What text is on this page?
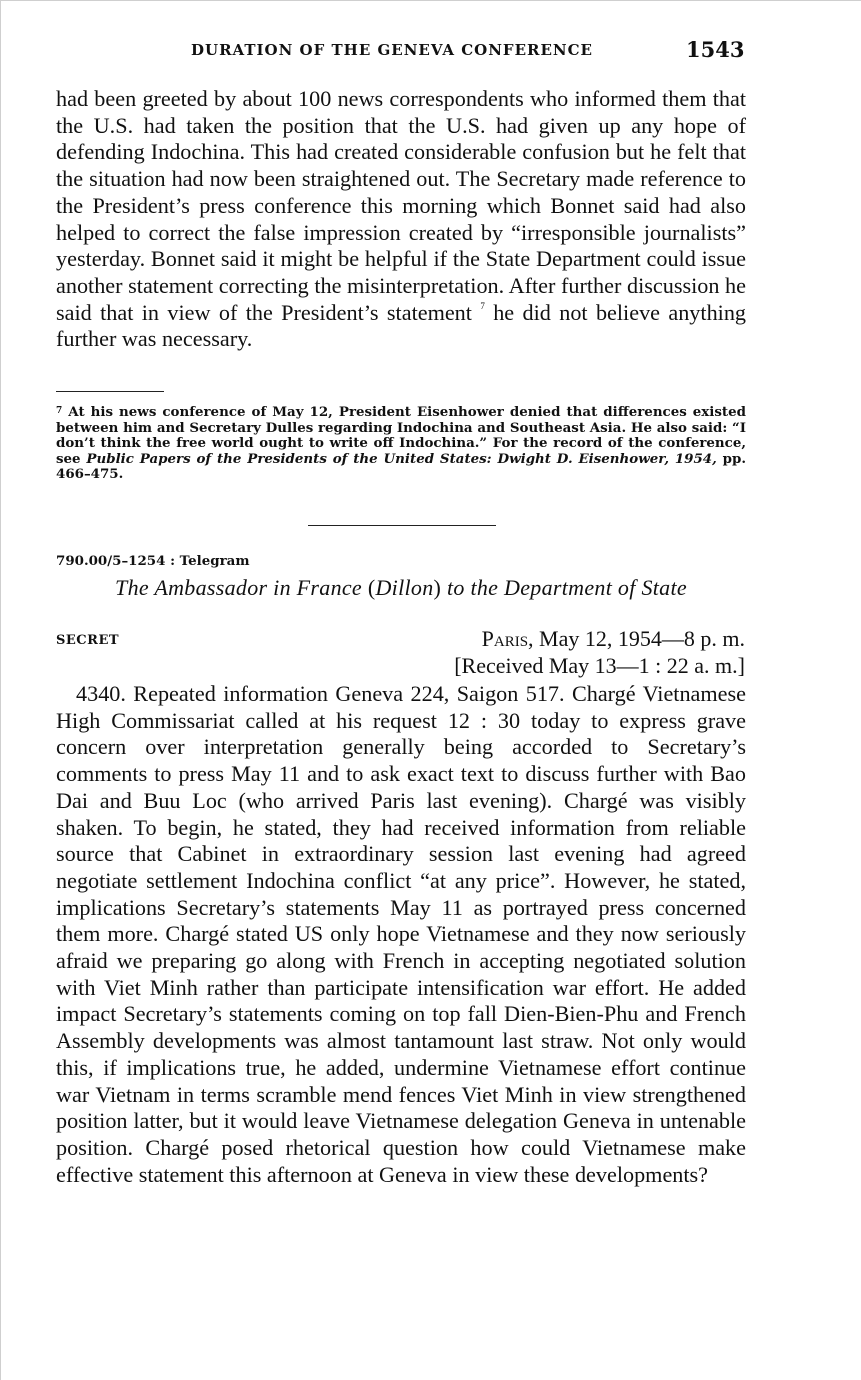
DURATION OF THE GENEVA CONFERENCE	1543
had been greeted by about 100 news correspondents who informed them that the U.S. had taken the position that the U.S. had given up any hope of defending Indochina. This had created considerable confusion but he felt that the situation had now been straightened out. The Secretary made reference to the President’s press conference this morning which Bonnet said had also helped to correct the false impression created by “irresponsible journalists” yesterday. Bonnet said it might be helpful if the State Department could issue another statement correcting the misinterpretation. After further discussion he said that in view of the President’s statement $^7$ he did not believe anything further was necessary.
$^7$ At his news conference of May 12, President Eisenhower denied that differences existed between him and Secretary Dulles regarding Indochina and Southeast Asia. He also said: “I don’t think the free world ought to write off Indochina.” For the record of the conference, see Public Papers of the Presidents of the United States: Dwight D. Eisenhower, 1954, pp. 466–475.
790.00/5–1254 : Telegram
The Ambassador in France (Dillon) to the Department of State
SECRET	Paris, May 12, 1954—8 p. m.
[Received May 13—1 : 22 a. m.]
4340. Repeated information Geneva 224, Saigon 517. Chargé Vietnamese High Commissariat called at his request 12 : 30 today to express grave concern over interpretation generally being accorded to Secretary’s comments to press May 11 and to ask exact text to discuss further with Bao Dai and Buu Loc (who arrived Paris last evening). Chargé was visibly shaken. To begin, he stated, they had received information from reliable source that Cabinet in extraordinary session last evening had agreed negotiate settlement Indochina conflict “at any price”. However, he stated, implications Secretary’s statements May 11 as portrayed press concerned them more. Chargé stated US only hope Vietnamese and they now seriously afraid we preparing go along with French in accepting negotiated solution with Viet Minh rather than participate intensification war effort. He added impact Secretary’s statements coming on top fall Dien-Bien-Phu and French Assembly developments was almost tantamount last straw. Not only would this, if implications true, he added, undermine Vietnamese effort continue war Vietnam in terms scramble mend fences Viet Minh in view strengthened position latter, but it would leave Vietnamese delegation Geneva in untenable position. Chargé posed rhetorical question how could Vietnamese make effective statement this afternoon at Geneva in view these developments?
